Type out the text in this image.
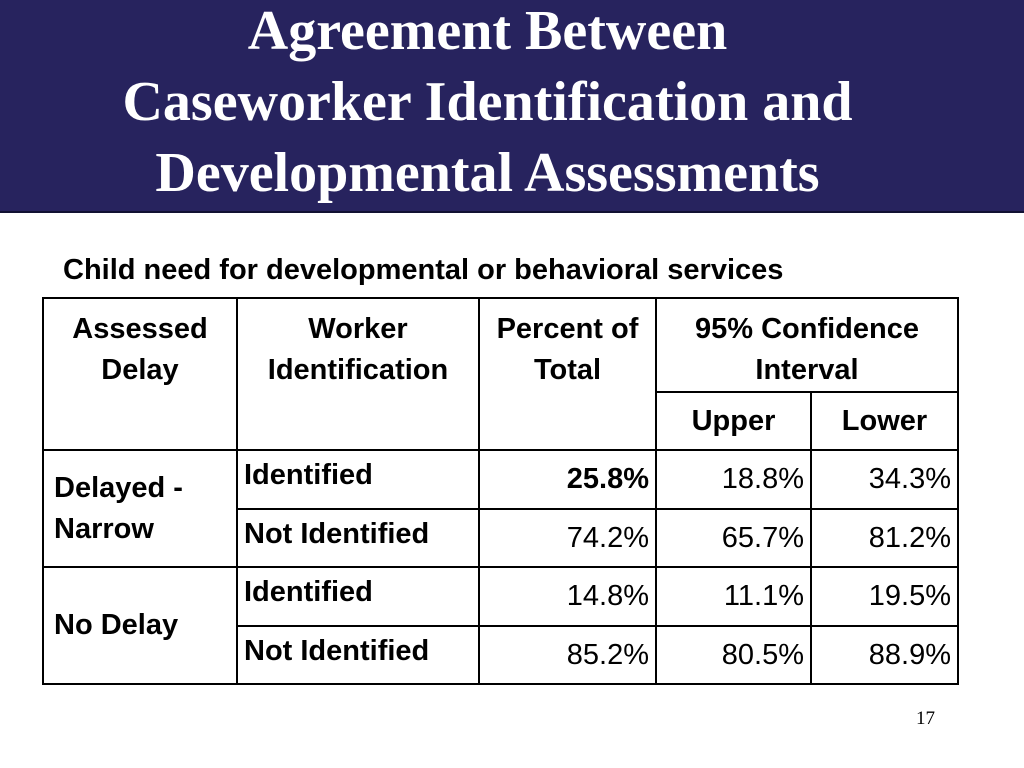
Agreement Between
Caseworker Identification and
Developmental Assessments
Child need for developmental or behavioral services
Assessed Delay	Worker Identification	Percent of Total	95% Confidence Interval	
			Upper	Lower
Delayed - Narrow	Identified	25.8%	18.8%	34.3%
	Not Identified	74.2%	65.7%	81.2%
No Delay	Identified	14.8%	11.1%	19.5%
	Not Identified	85.2%	80.5%	88.9%
17
